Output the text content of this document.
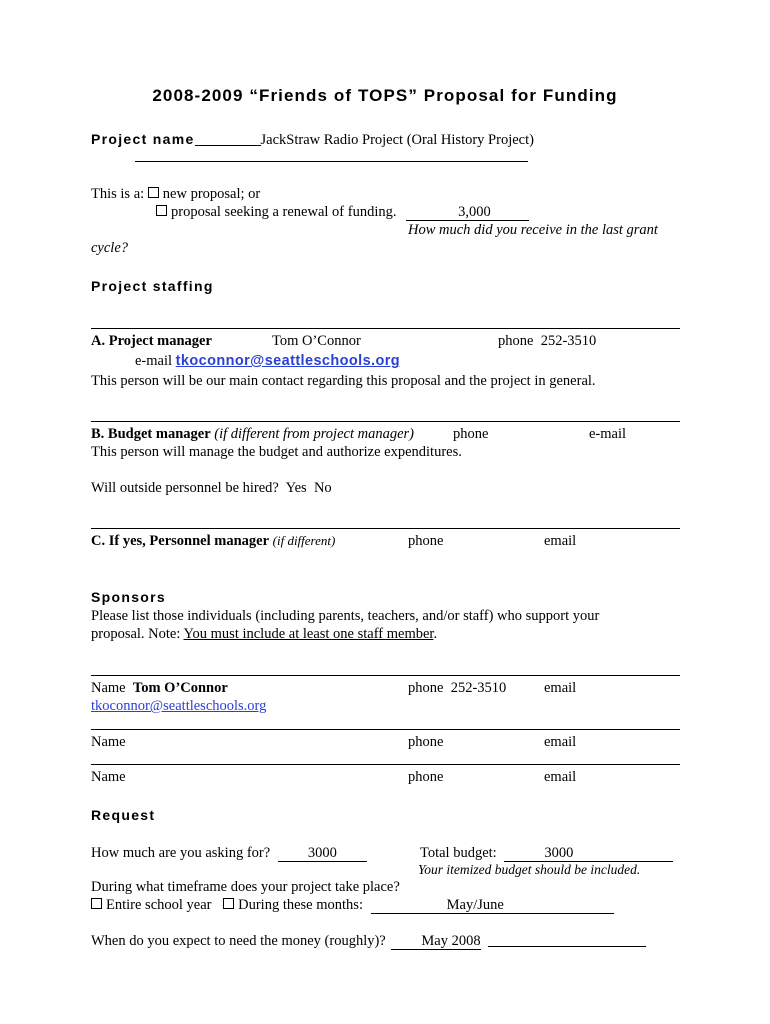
2008-2009 “Friends of TOPS” Proposal for Funding
Project name	JackStraw Radio Project (Oral History Project)
This is a: new proposal; or
proposal seeking a renewal of funding.	3,000
How much did you receive in the last grant
cycle?
Project staffing
A. Project manager	Tom O’Connor	phone 252-3510
e-mail tkoconnor@seattleschools.org
This person will be our main contact regarding this proposal and the project in general.
B. Budget manager (if different from project manager)	phone	e-mail
This person will manage the budget and authorize expenditures.
Will outside personnel be hired? Yes No
C. If yes, Personnel manager (if different)	phone	email
Sponsors
Please list those individuals (including parents, teachers, and/or staff) who support your
proposal. Note: You must include at least one staff member.
Name Tom O’Connor	phone 252-3510	email
tkoconnor@seattleschools.org
Name	phone	email
Name	phone	email
Request
How much are you asking for?	3000	Total budget:	3000
Your itemized budget should be included.
During what timeframe does your project take place?
Entire school year During these months:	May/June
When do you expect to need the money (roughly)? May 2008
